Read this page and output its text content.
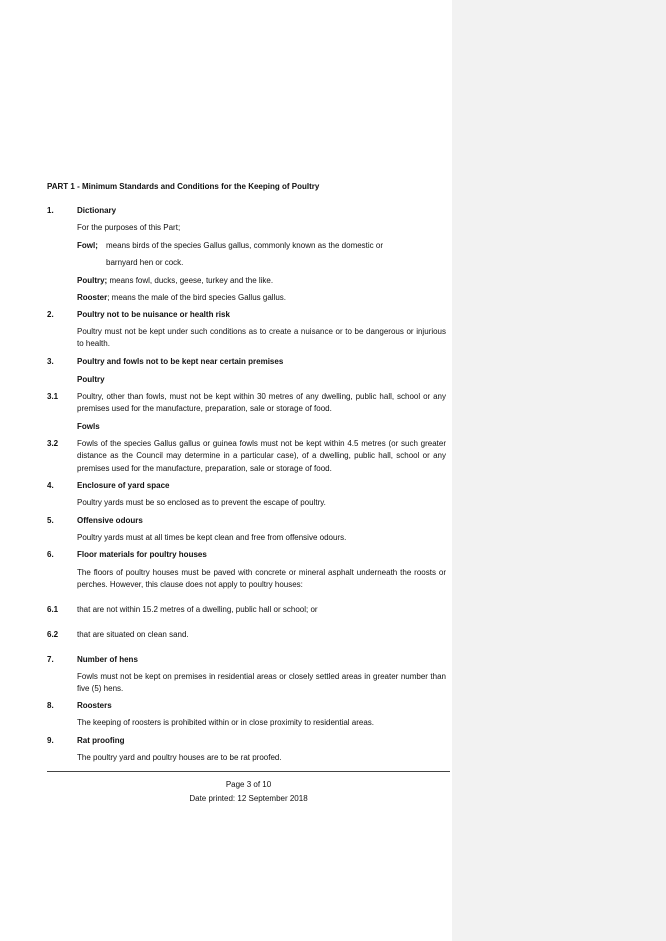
PART 1 - Minimum Standards and Conditions for the Keeping of Poultry
1.	Dictionary
For the purposes of this Part;
Fowl; means birds of the species Gallus gallus, commonly known as the domestic or
barnyard hen or cock.
Poultry; means fowl, ducks, geese, turkey and the like.
Rooster; means the male of the bird species Gallus gallus.
2.	Poultry not to be nuisance or health risk
Poultry must not be kept under such conditions as to create a nuisance or to be dangerous or injurious to health.
3.	Poultry and fowls not to be kept near certain premises
Poultry
3.1 Poultry, other than fowls, must not be kept within 30 metres of any dwelling, public hall, school or any premises used for the manufacture, preparation, sale or storage of food.
Fowls
3.2 Fowls of the species Gallus gallus or guinea fowls must not be kept within 4.5 metres (or such greater distance as the Council may determine in a particular case), of a dwelling, public hall, school or any premises used for the manufacture, preparation, sale or storage of food.
4.	Enclosure of yard space
Poultry yards must be so enclosed as to prevent the escape of poultry.
5.	Offensive odours
Poultry yards must at all times be kept clean and free from offensive odours.
6.	Floor materials for poultry houses
The floors of poultry houses must be paved with concrete or mineral asphalt underneath the roosts or perches. However, this clause does not apply to poultry houses:
6.1 that are not within 15.2 metres of a dwelling, public hall or school; or
6.2 that are situated on clean sand.
7.	Number of hens
Fowls must not be kept on premises in residential areas or closely settled areas in greater number than five (5) hens.
8.	Roosters
The keeping of roosters is prohibited within or in close proximity to residential areas.
9.	Rat proofing
The poultry yard and poultry houses are to be rat proofed.
Page 3 of 10
Date printed: 12 September 2018
